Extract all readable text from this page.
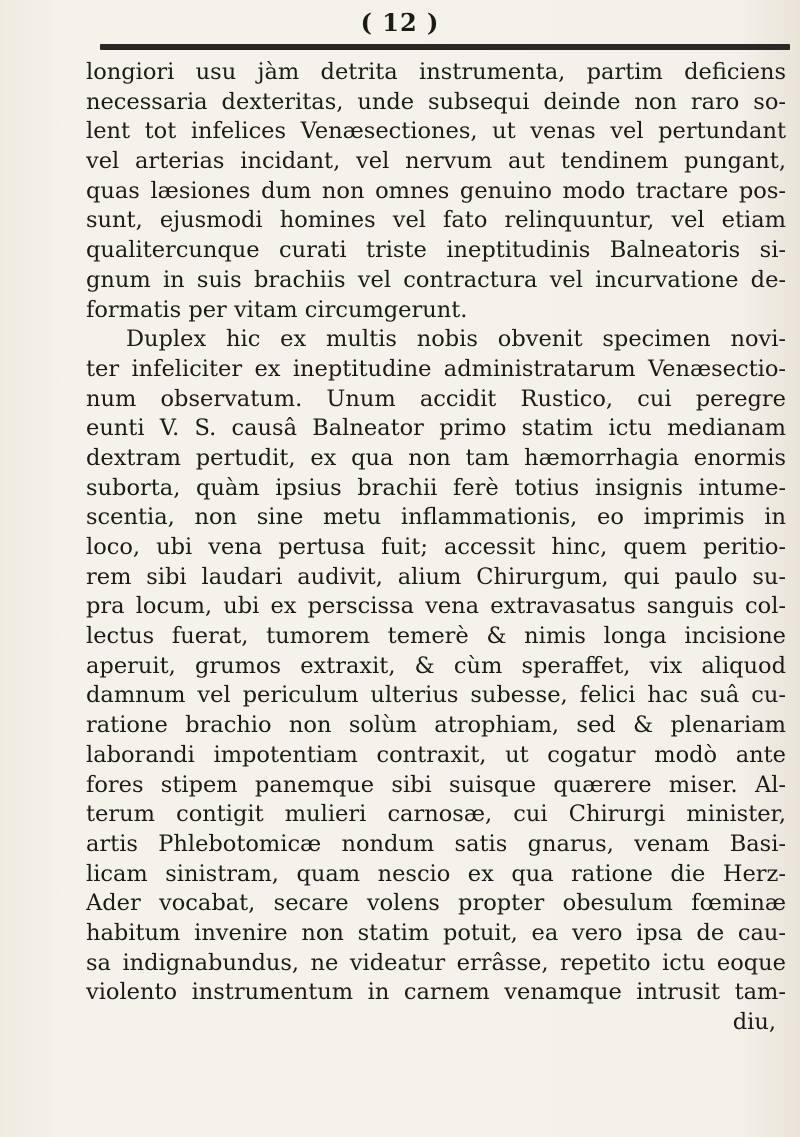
( 12 )
longiori usu jàm detrita instrumenta, partim deficiens
necessaria dexteritas, unde subsequi deinde non raro so-
lent tot infelices Venæsectiones, ut venas vel pertundant
vel arterias incidant, vel nervum aut tendinem pungant,
quas læsiones dum non omnes genuino modo tractare pos-
sunt, ejusmodi homines vel fato relinquuntur, vel etiam
qualitercunque curati triste ineptitudinis Balneatoris si-
gnum in suis brachiis vel contractura vel incurvatione de-
formatis per vitam circumgerunt.
Duplex hic ex multis nobis obvenit specimen novi-
ter infeliciter ex ineptitudine administratarum Venæsectio-
num observatum. Unum accidit Rustico, cui peregre
eunti V. S. causâ Balneator primo statim ictu medianam
dextram pertudit, ex qua non tam hæmorrhagia enormis
suborta, quàm ipsius brachii ferè totius insignis intume-
scentia, non sine metu inflammationis, eo imprimis in
loco, ubi vena pertusa fuit; accessit hinc, quem peritio-
rem sibi laudari audivit, alium Chirurgum, qui paulo su-
pra locum, ubi ex perscissa vena extravasatus sanguis col-
lectus fuerat, tumorem temerè & nimis longa incisione
aperuit, grumos extraxit, & cùm speraffet, vix aliquod
damnum vel periculum ulterius subesse, felici hac suâ cu-
ratione brachio non solùm atrophiam, sed & plenariam
laborandi impotentiam contraxit, ut cogatur modò ante
fores stipem panemque sibi suisque quærere miser. Al-
terum contigit mulieri carnosæ, cui Chirurgi minister,
artis Phlebotomicæ nondum satis gnarus, venam Basi-
licam sinistram, quam nescio ex qua ratione die Herz-
Ader vocabat, secare volens propter obesulum fœminæ
habitum invenire non statim potuit, ea vero ipsa de cau-
sa indignabundus, ne videatur errâsse, repetito ictu eoque
violento instrumentum in carnem venamque intrusit tam-
diu,
